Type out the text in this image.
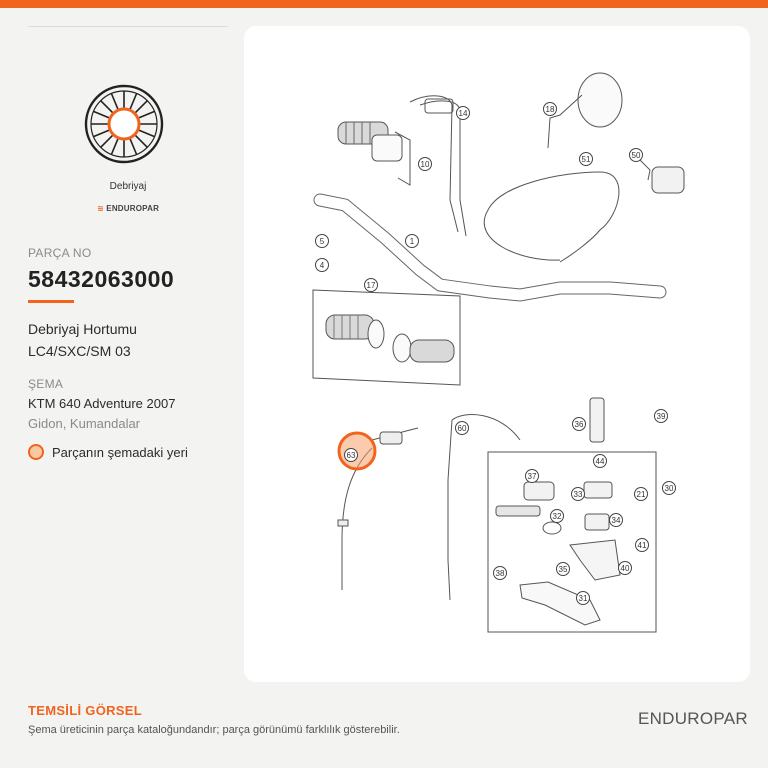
Debriyaj
≋ ENDUROPAR
PARÇA NO
58432063000
Debriyaj Hortumu
LC4/SXC/SM 03
ŞEMA
KTM 640 Adventure 2007
Gidon, Kumandalar
Parçanın şemadaki yeri
14	18
51	50
10
5	1
4
17
36
39
60
44
37
30
33	21
32	34
41
35	40
38
31
63
TEMSİLİ GÖRSEL
Şema üreticinin parça kataloğundandır; parça görünümü farklılık gösterebilir.
ENDUROPAR
